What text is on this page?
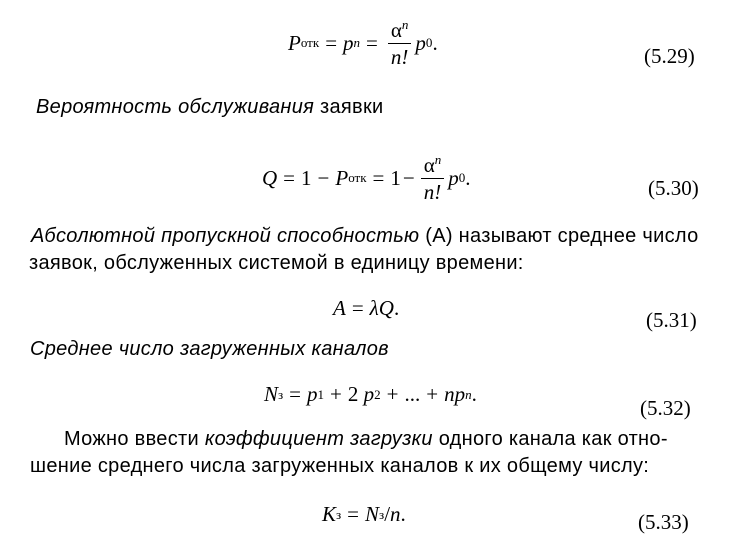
P отк = p $n = \frac{\alpha^n}{n!}$ p 0 .
(5.29)
Вероятность обслуживания заявки
Q = 1 − P отк = $1 - \frac{\alpha^n}{n!}$ p 0 .	(5.30)
Абсолютной пропускной способностью (A) называют среднее число
заявок, обслуженных системой в единицу времени:
A = λQ .	(5.31)
Среднее число загруженных каналов
N з = p 1 + 2
p 2 + ... + np n .
(5.32)
Можно ввести коэффициент загрузки одного канала как отно-
шение среднего числа загруженных каналов к их общему числу:
K з = N з / n .	(5.33)
